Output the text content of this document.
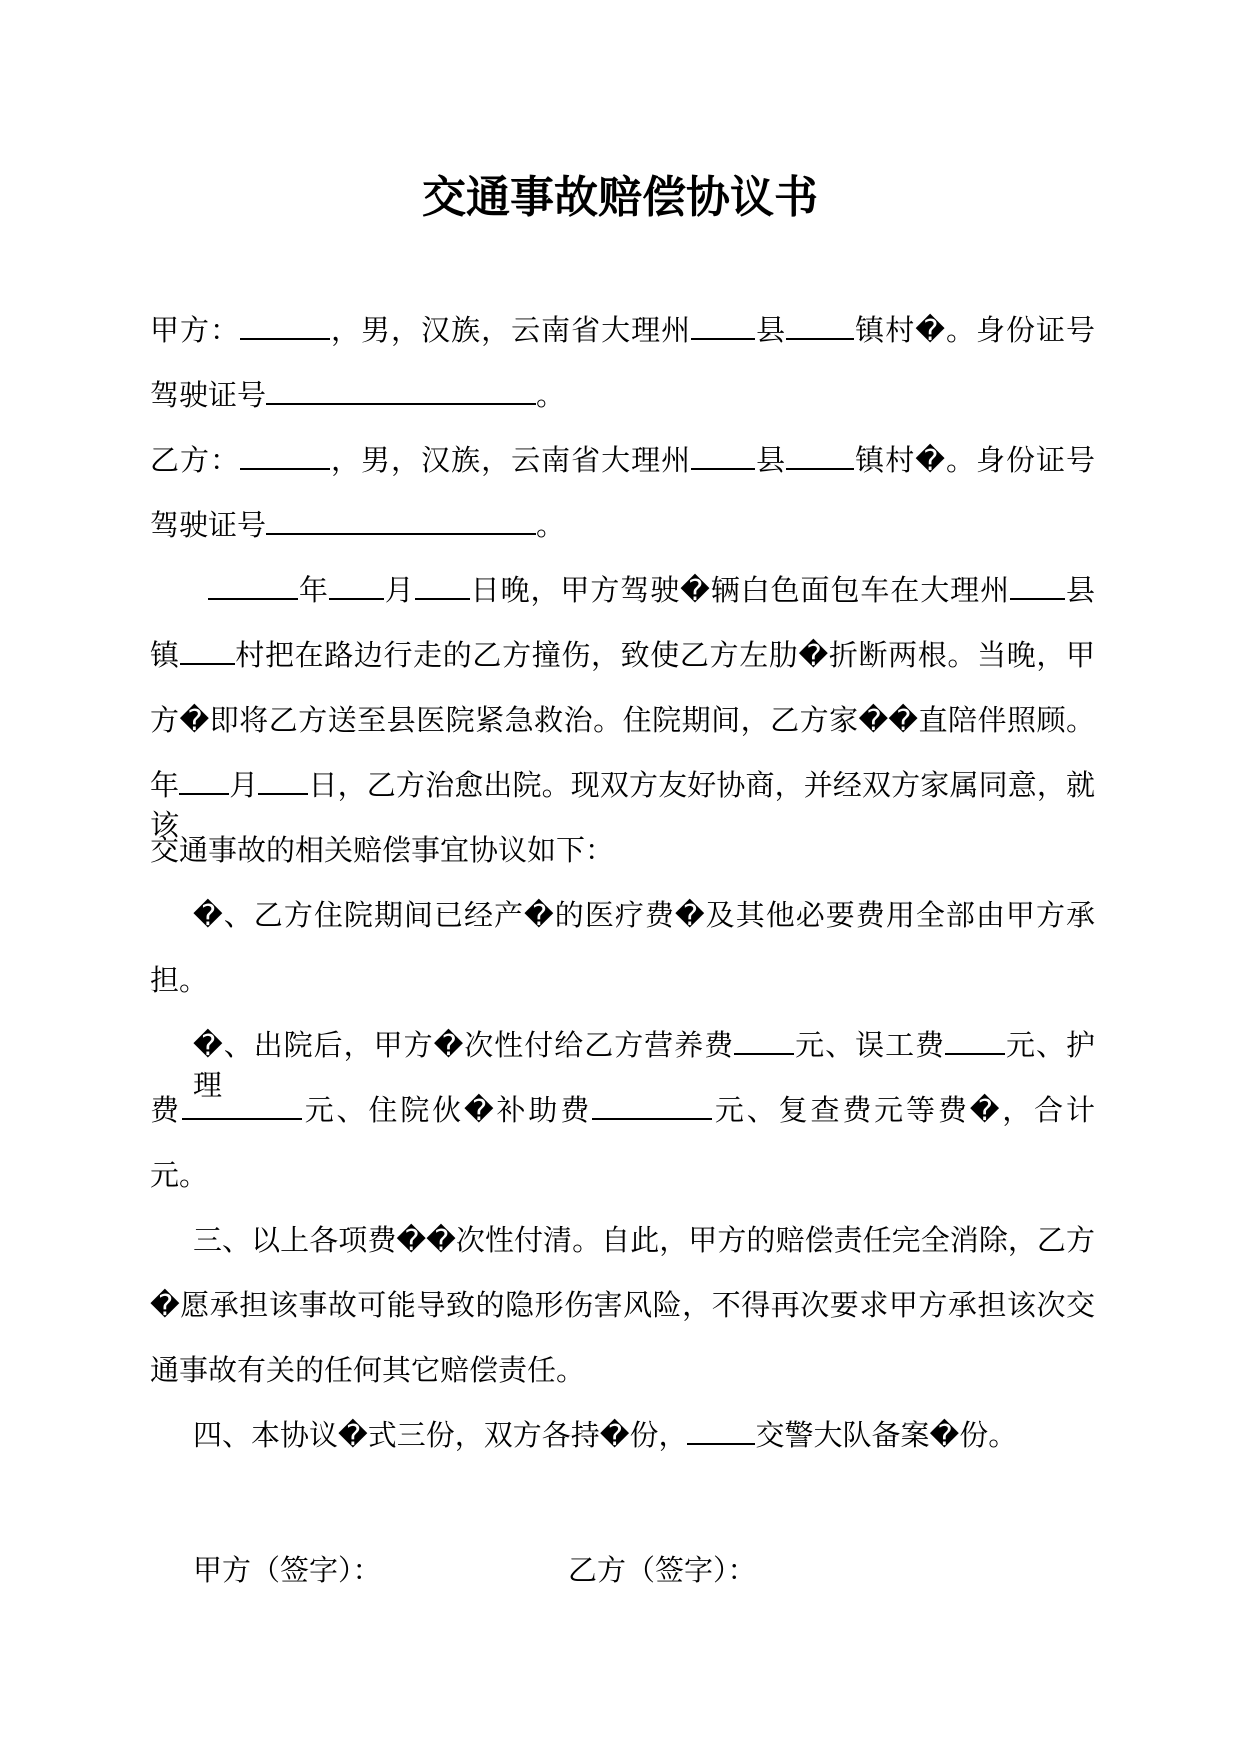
交通事故赔偿协议书

甲方：	，男，汉族，云南省大理州 县 镇村�。身份证号

驾驶证号	。

乙方：	，男，汉族，云南省大理州 县 镇村�。身份证号

驾驶证号	。

年 月 日晚，甲方驾驶�辆白色面包车在大理州 县

镇 村把在路边行走的乙方撞伤，致使乙方左肋�折断两根。当晚，甲

方�即将乙方送至县医院紧急救治。住院期间，乙方家��直陪伴照顾。

年 月 日，乙方治愈出院。现双方友好协商，并经双方家属同意，就该

交通事故的相关赔偿事宜协议如下：

�、乙方住院期间已经产�的医疗费�及其他必要费用全部由甲方承

担。

�、出院后，甲方�次性付给乙方营养费 元、误工费 元、护理

费	元、住院伙�补助费	元、复查费元等费�，合计

元。

三、以上各项费��次性付清。自此，甲方的赔偿责任完全消除，乙方

�愿承担该事故可能导致的隐形伤害风险，不得再次要求甲方承担该次交

通事故有关的任何其它赔偿责任。

四、本协议�式三份，双方各持�份， 交警大队备案�份。

甲方（签字）：	乙方（签字）：
